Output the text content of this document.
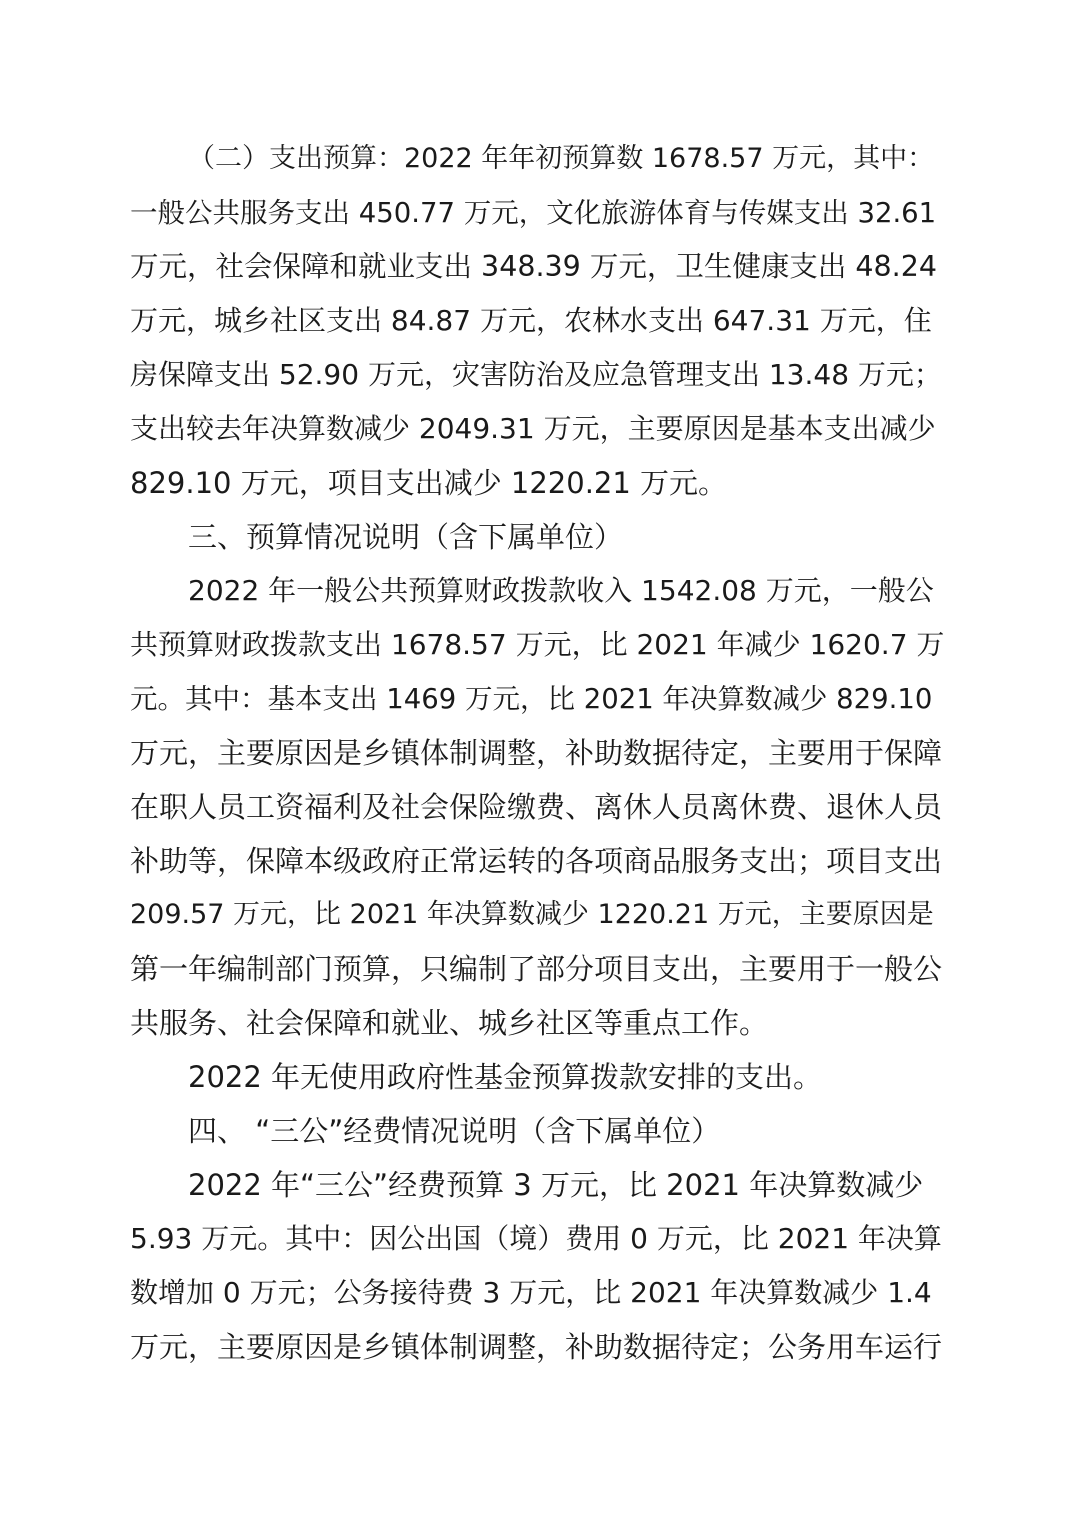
（二）支出预算：2022 年年初预算数 1678.57 万元，其中：
一般公共服务支出 450.77 万元，文化旅游体育与传媒支出 32.61
万元，社会保障和就业支出 348.39 万元，卫生健康支出 48.24
万元，城乡社区支出 84.87 万元，农林水支出 647.31 万元，住
房保障支出 52.90 万元，灾害防治及应急管理支出 13.48 万元；
支出较去年决算数减少 2049.31 万元，主要原因是基本支出减少
829.10 万元，项目支出减少 1220.21 万元。
三、预算情况说明（含下属单位）
2022 年一般公共预算财政拨款收入 1542.08 万元，一般公
共预算财政拨款支出 1678.57 万元，比 2021 年减少 1620.7 万
元。其中：基本支出 1469 万元，比 2021 年决算数减少 829.10
万元，主要原因是乡镇体制调整，补助数据待定，主要用于保障
在职人员工资福利及社会保险缴费、离休人员离休费、退休人员
补助等，保障本级政府正常运转的各项商品服务支出；项目支出
209.57 万元，比 2021 年决算数减少 1220.21 万元，主要原因是
第一年编制部门预算，只编制了部分项目支出，主要用于一般公
共服务、社会保障和就业、城乡社区等重点工作。
2022 年无使用政府性基金预算拨款安排的支出。
四、 “三公”经费情况说明（含下属单位）
2022 年“三公”经费预算 3 万元，比 2021 年决算数减少
5.93 万元。其中：因公出国（境）费用 0 万元，比 2021 年决算
数增加 0 万元；公务接待费 3 万元，比 2021 年决算数减少 1.4
万元，主要原因是乡镇体制调整，补助数据待定；公务用车运行
